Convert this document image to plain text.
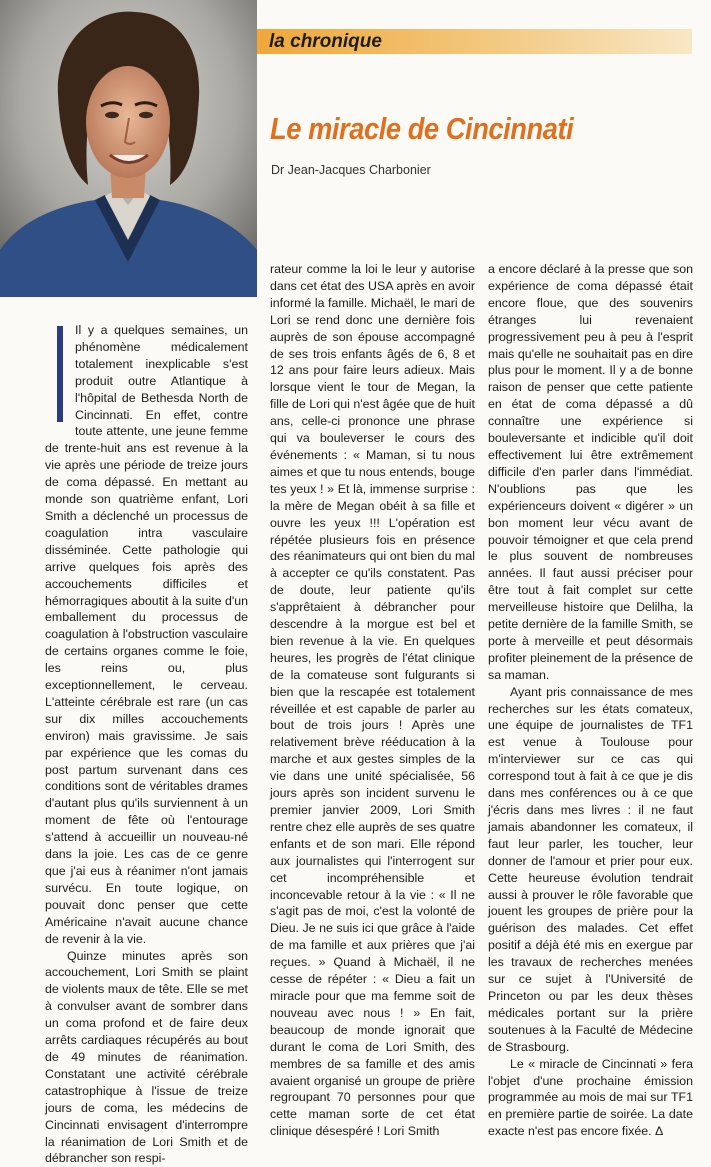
la chronique
Le miracle de Cincinnati
Dr Jean-Jacques Charbonier

Il y a quelques semaines, un phénomène médicalement totalement inexplicable s'est produit outre Atlantique à l'hôpital de Bethesda North de Cincinnati. En effet, contre toute attente, une jeune femme de trente-huit ans est revenue à la vie après une période de treize jours de coma dépassé. En mettant au monde son quatrième enfant, Lori Smith a déclenché un processus de coagulation intra vasculaire disséminée. Cette pathologie qui arrive quelques fois après des accouchements difficiles et hémorragiques aboutit à la suite d'un emballement du processus de coagulation à l'obstruction vasculaire de certains organes comme le foie, les reins ou, plus exceptionnellement, le cerveau. L'atteinte cérébrale est rare (un cas sur dix milles accouchements environ) mais gravissime. Je sais par expérience que les comas du post partum survenant dans ces conditions sont de véritables drames d'autant plus qu'ils surviennent à un moment de fête où l'entourage s'attend à accueillir un nouveau-né dans la joie. Les cas de ce genre que j'ai eus à réanimer n'ont jamais survécu. En toute logique, on pouvait donc penser que cette Américaine n'avait aucune chance de revenir à la vie.

Quinze minutes après son accouchement, Lori Smith se plaint de violents maux de tête. Elle se met à convulser avant de sombrer dans un coma profond et de faire deux arrêts cardiaques récupérés au bout de 49 minutes de réanimation. Constatant une activité cérébrale catastrophique à l'issue de treize jours de coma, les médecins de Cincinnati envisagent d'interrompre la réanimation de Lori Smith et de débrancher son respi-

rateur comme la loi le leur y autorise dans cet état des USA après en avoir informé la famille. Michaël, le mari de Lori se rend donc une dernière fois auprès de son épouse accompagné de ses trois enfants âgés de 6, 8 et 12 ans pour faire leurs adieux. Mais lorsque vient le tour de Megan, la fille de Lori qui n'est âgée que de huit ans, celle-ci prononce une phrase qui va bouleverser le cours des événements : « Maman, si tu nous aimes et que tu nous entends, bouge tes yeux ! » Et là, immense surprise : la mère de Megan obéit à sa fille et ouvre les yeux !!! L'opération est répétée plusieurs fois en présence des réanimateurs qui ont bien du mal à accepter ce qu'ils constatent. Pas de doute, leur patiente qu'ils s'apprêtaient à débrancher pour descendre à la morgue est bel et bien revenue à la vie. En quelques heures, les progrès de l'état clinique de la comateuse sont fulgurants si bien que la rescapée est totalement réveillée et est capable de parler au bout de trois jours ! Après une relativement brève rééducation à la marche et aux gestes simples de la vie dans une unité spécialisée, 56 jours après son incident survenu le premier janvier 2009, Lori Smith rentre chez elle auprès de ses quatre enfants et de son mari. Elle répond aux journalistes qui l'interrogent sur cet incompréhensible et inconcevable retour à la vie : « Il ne s'agit pas de moi, c'est la volonté de Dieu. Je ne suis ici que grâce à l'aide de ma famille et aux prières que j'ai reçues. » Quand à Michaël, il ne cesse de répéter : « Dieu a fait un miracle pour que ma femme soit de nouveau avec nous ! » En fait, beaucoup de monde ignorait que durant le coma de Lori Smith, des membres de sa famille et des amis avaient organisé un groupe de prière regroupant 70 personnes pour que cette maman sorte de cet état clinique désespéré ! Lori Smith

a encore déclaré à la presse que son expérience de coma dépassé était encore floue, que des souvenirs étranges lui revenaient progressivement peu à peu à l'esprit mais qu'elle ne souhaitait pas en dire plus pour le moment. Il y a de bonne raison de penser que cette patiente en état de coma dépassé a dû connaître une expérience si bouleversante et indicible qu'il doit effectivement lui être extrêmement difficile d'en parler dans l'immédiat. N'oublions pas que les expérienceurs doivent « digérer » un bon moment leur vécu avant de pouvoir témoigner et que cela prend le plus souvent de nombreuses années. Il faut aussi préciser pour être tout à fait complet sur cette merveilleuse histoire que Delilha, la petite dernière de la famille Smith, se porte à merveille et peut désormais profiter pleinement de la présence de sa maman.

Ayant pris connaissance de mes recherches sur les états comateux, une équipe de journalistes de TF1 est venue à Toulouse pour m'interviewer sur ce cas qui correspond tout à fait à ce que je dis dans mes conférences ou à ce que j'écris dans mes livres : il ne faut jamais abandonner les comateux, il faut leur parler, les toucher, leur donner de l'amour et prier pour eux. Cette heureuse évolution tendrait aussi à prouver le rôle favorable que jouent les groupes de prière pour la guérison des malades. Cet effet positif a déjà été mis en exergue par les travaux de recherches menées sur ce sujet à l'Université de Princeton ou par les deux thèses médicales portant sur la prière soutenues à la Faculté de Médecine de Strasbourg.

Le « miracle de Cincinnati » fera l'objet d'une prochaine émission programmée au mois de mai sur TF1 en première partie de soirée. La date exacte n'est pas encore fixée. Δ
